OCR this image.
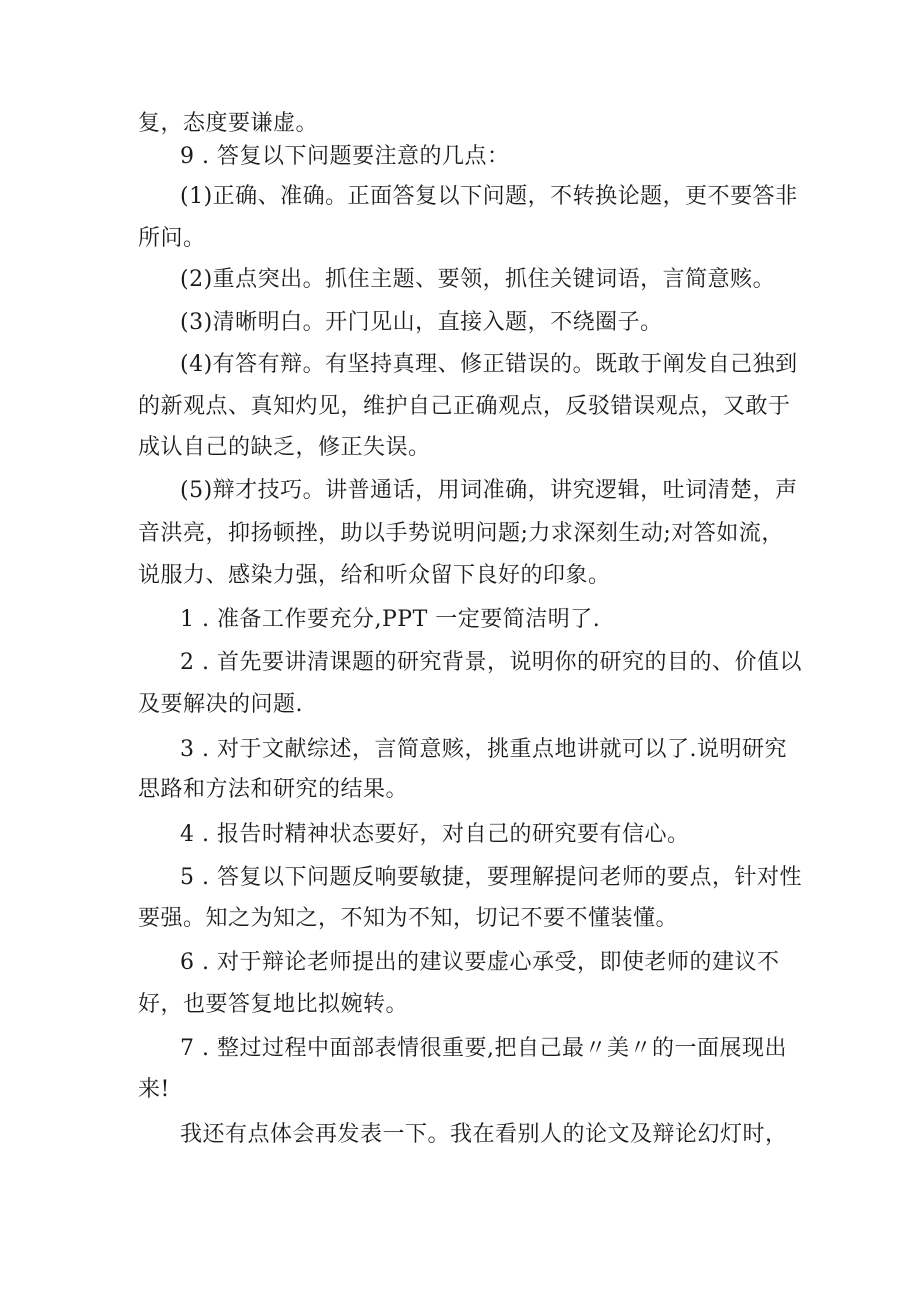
复，态度要谦虚。
9 . 答复以下问题要注意的几点：
(1)正确、准确。正面答复以下问题，不转换论题，更不要答非
所问。
(2)重点突出。抓住主题、要领，抓住关键词语，言简意赅。
(3)清晰明白。开门见山，直接入题，不绕圈子。
(4)有答有辩。有坚持真理、修正错误的。既敢于阐发自己独到
的新观点、真知灼见，维护自己正确观点，反驳错误观点，又敢于
成认自己的缺乏，修正失误。
(5)辩才技巧。讲普通话，用词准确，讲究逻辑，吐词清楚，声
音洪亮，抑扬顿挫，助以手势说明问题;力求深刻生动;对答如流，
说服力、感染力强，给和听众留下良好的印象。
1 . 准备工作要充分,PPT 一定要简洁明了.
2 . 首先要讲清课题的研究背景，说明你的研究的目的、价值以
及要解决的问题.
3 . 对于文献综述，言简意赅，挑重点地讲就可以了.说明研究
思路和方法和研究的结果。
4 . 报告时精神状态要好，对自己的研究要有信心。
5 . 答复以下问题反响要敏捷，要理解提问老师的要点，针对性
要强。知之为知之，不知为不知，切记不要不懂装懂。
6 . 对于辩论老师提出的建议要虚心承受，即使老师的建议不
好，也要答复地比拟婉转。
7 . 整过过程中面部表情很重要,把自己最〃美〃的一面展现出
来!
我还有点体会再发表一下。我在看别人的论文及辩论幻灯时，
